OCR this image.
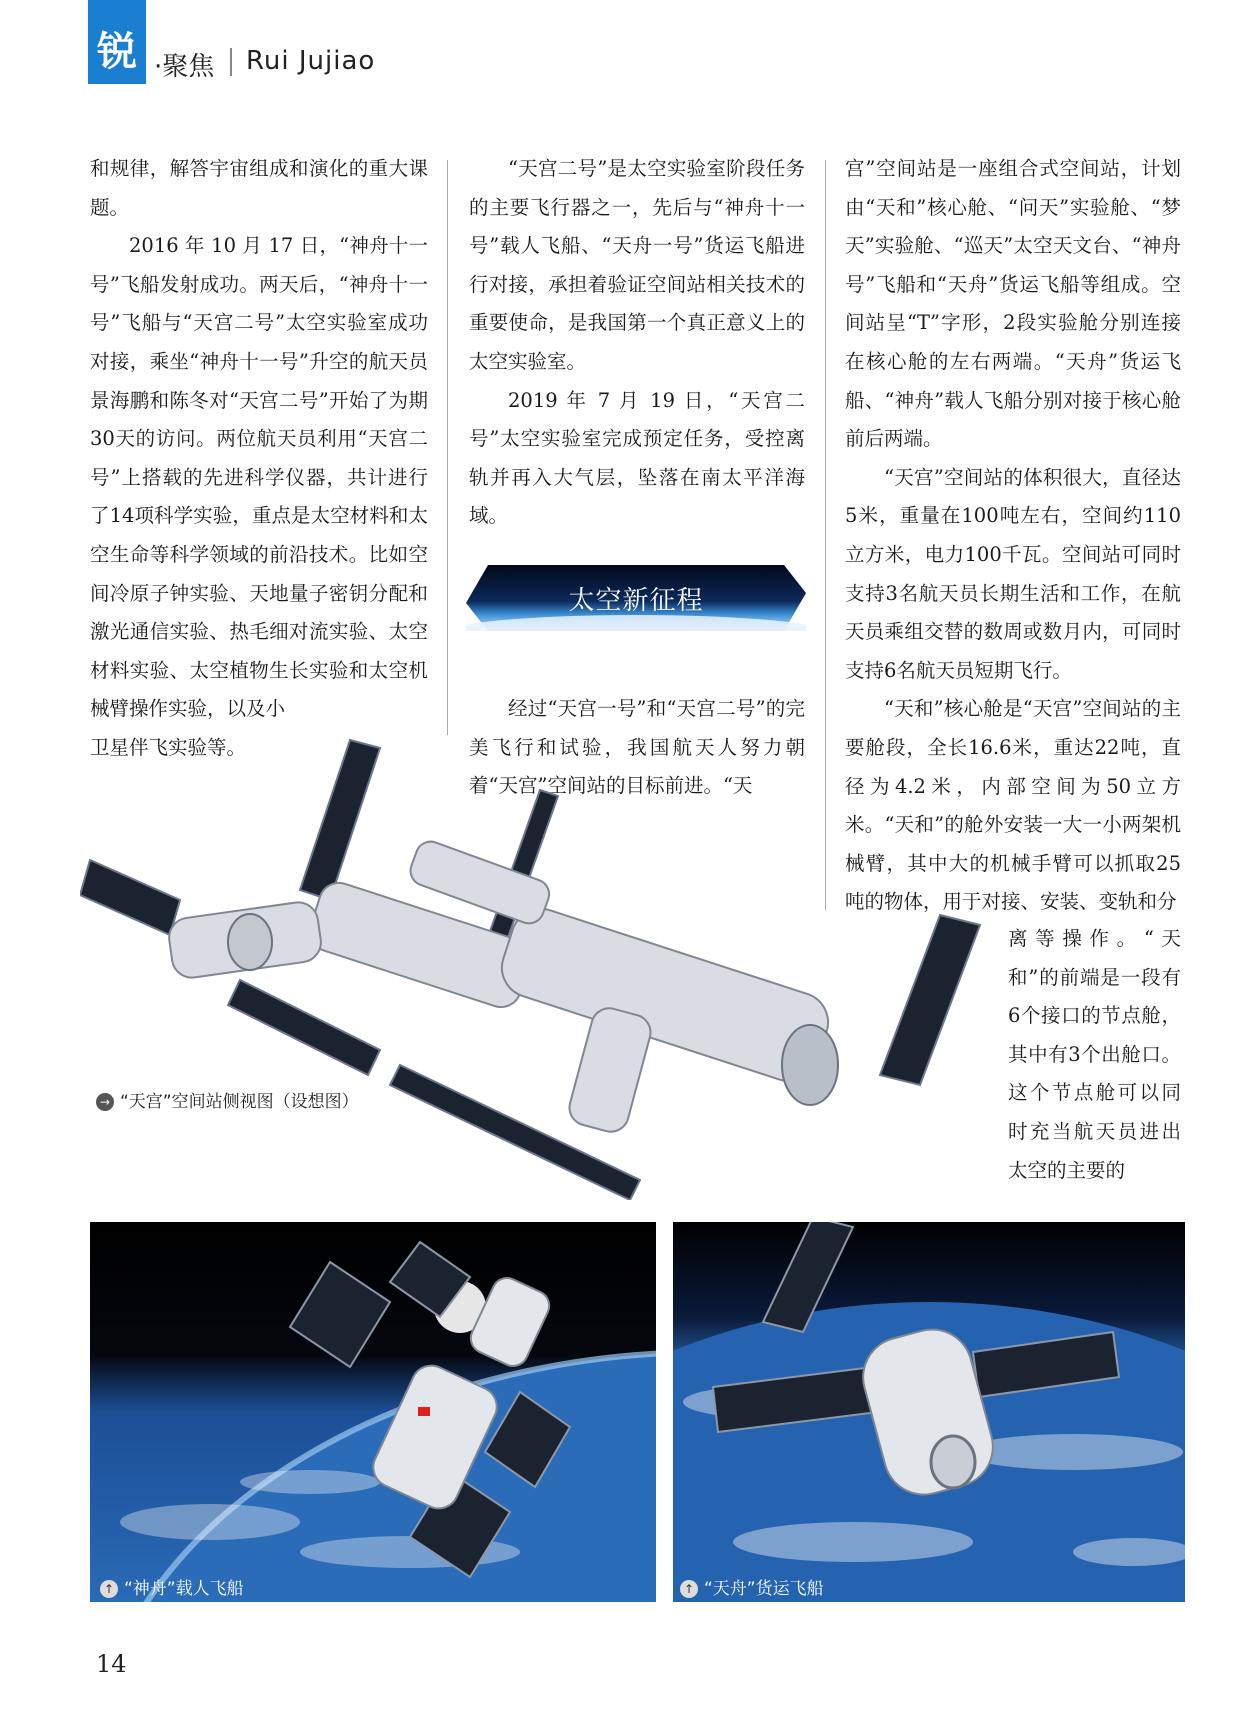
锐 ·聚焦 Rui Jujiao

和规律，解答宇宙组成和演化的重大课题。

2016 年 10 月 17 日，“神舟十一号”飞船发射成功。两天后，“神舟十一号”飞船与“天宫二号”太空实验室成功对接，乘坐“神舟十一号”升空的航天员景海鹏和陈冬对“天宫二号”开始了为期30天的访问。两位航天员利用“天宫二号”上搭载的先进科学仪器，共计进行了14项科学实验，重点是太空材料和太空生命等科学领域的前沿技术。比如空间冷原子钟实验、天地量子密钥分配和激光通信实验、热毛细对流实验、太空材料实验、太空植物生长实验和太空机械臂操作实验，以及小

卫星伴飞实验等。

“天宫二号”是太空实验室阶段任务的主要飞行器之一，先后与“神舟十一号”载人飞船、“天舟一号”货运飞船进行对接，承担着验证空间站相关技术的重要使命，是我国第一个真正意义上的太空实验室。

2019 年 7 月 19 日，“天宫二号”太空实验室完成预定任务，受控离轨并再入大气层，坠落在南太平洋海域。

经过“天宫一号”和“天宫二号”的完美飞行和试验，我国航天人努力朝着“天宫”空间站的目标前进。“天

太空新征程

宫”空间站是一座组合式空间站，计划由“天和”核心舱、“问天”实验舱、“梦天”实验舱、“巡天”太空天文台、“神舟号”飞船和“天舟”货运飞船等组成。空间站呈“T”字形，2段实验舱分别连接在核心舱的左右两端。“天舟”货运飞船、“神舟”载人飞船分别对接于核心舱前后两端。

“天宫”空间站的体积很大，直径达5米，重量在100吨左右，空间约110立方米，电力100千瓦。空间站可同时支持3名航天员长期生活和工作，在航天员乘组交替的数周或数月内，可同时支持6名航天员短期飞行。

“天和”核心舱是“天宫”空间站的主要舱段，全长16.6米，重达22吨，直径为4.2米，内部空间为50立方米。“天和”的舱外安装一大一小两架机械臂，其中大的机械手臂可以抓取25吨的物体，用于对接、安装、变轨和分

离等操作。“天和”的前端是一段有6个接口的节点舱，其中有3个出舱口。这个节点舱可以同时充当航天员进出太空的主要的

→ “天宫”空间站侧视图（设想图）
↑ “神舟”载人飞船	↑ “天舟”货运飞船
14
